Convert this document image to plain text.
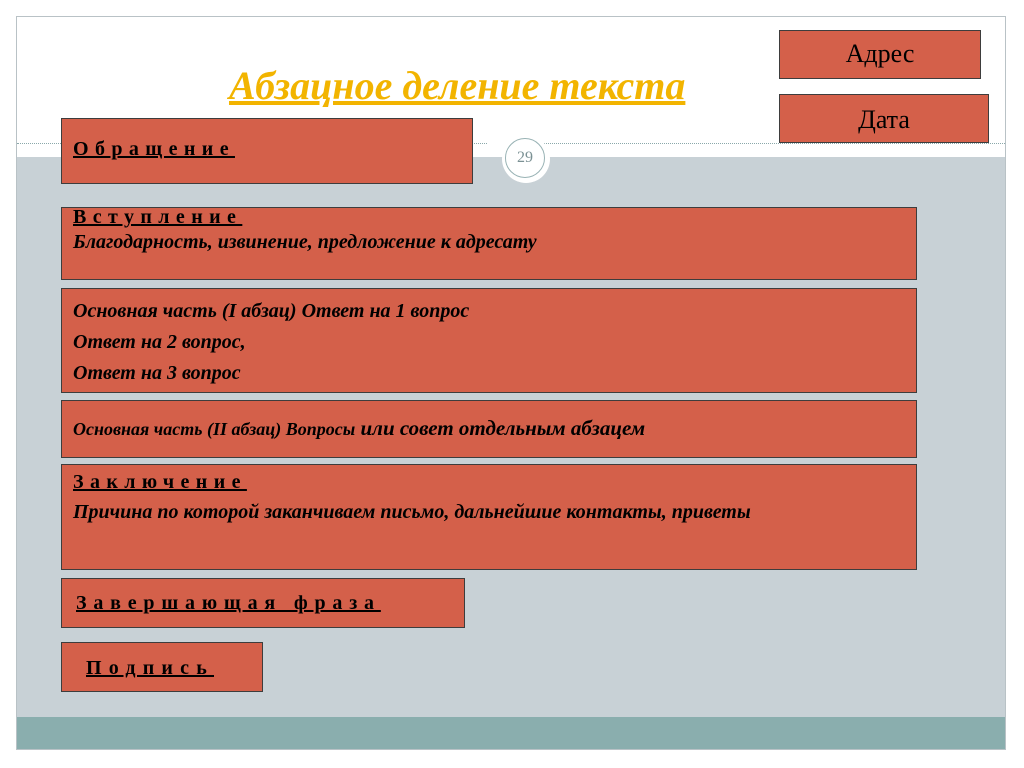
Абзацное деление текста
29
Адрес
Дата
Обращение
Вступление
Благодарность, извинение, предложение к адресату
Основная часть (I абзац) Ответ на 1 вопрос
Ответ на 2 вопрос,
Ответ на 3 вопрос
Основная часть (II абзац) Вопросы или совет отдельным абзацем
Заключение
Причина по которой заканчиваем письмо, дальнейшие контакты, приветы
Завершающая фраза
Подпись
